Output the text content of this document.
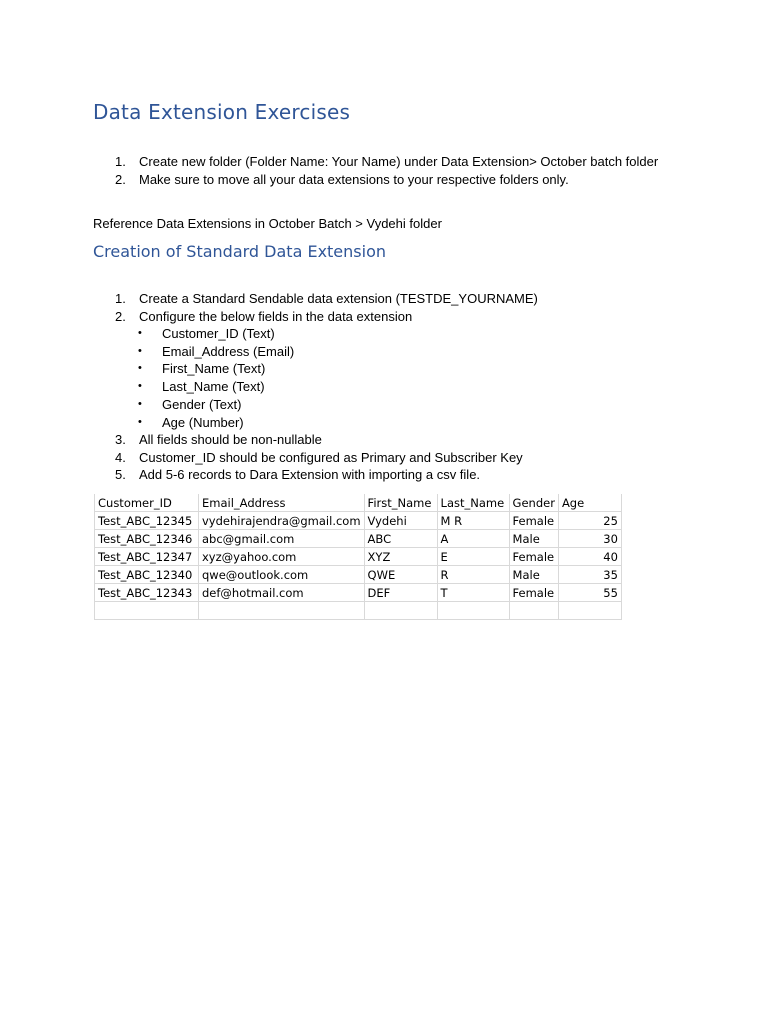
Data Extension Exercises
1. Create new folder (Folder Name: Your Name) under Data Extension> October batch folder
2. Make sure to move all your data extensions to your respective folders only.

Reference Data Extensions in October Batch > Vydehi folder

Creation of Standard Data Extension
1. Create a Standard Sendable data extension (TESTDE_YOURNAME)
2. Configure the below fields in the data extension
• Customer_ID (Text)
• Email_Address (Email)
• First_Name (Text)
• Last_Name (Text)
• Gender (Text)
• Age (Number)
3. All fields should be non-nullable
4. Customer_ID should be configured as Primary and Subscriber Key
5. Add 5-6 records to Dara Extension with importing a csv file.
Customer_ID	Email_Address	First_Name	Last_Name	Gender	Age
Test_ABC_12345	vydehirajendra@gmail.com	Vydehi	M R	Female	25
Test_ABC_12346	abc@gmail.com	ABC	A	Male	30
Test_ABC_12347	xyz@yahoo.com	XYZ	E	Female	40
Test_ABC_12340	qwe@outlook.com	QWE	R	Male	35
Test_ABC_12343	def@hotmail.com	DEF	T	Female	55
